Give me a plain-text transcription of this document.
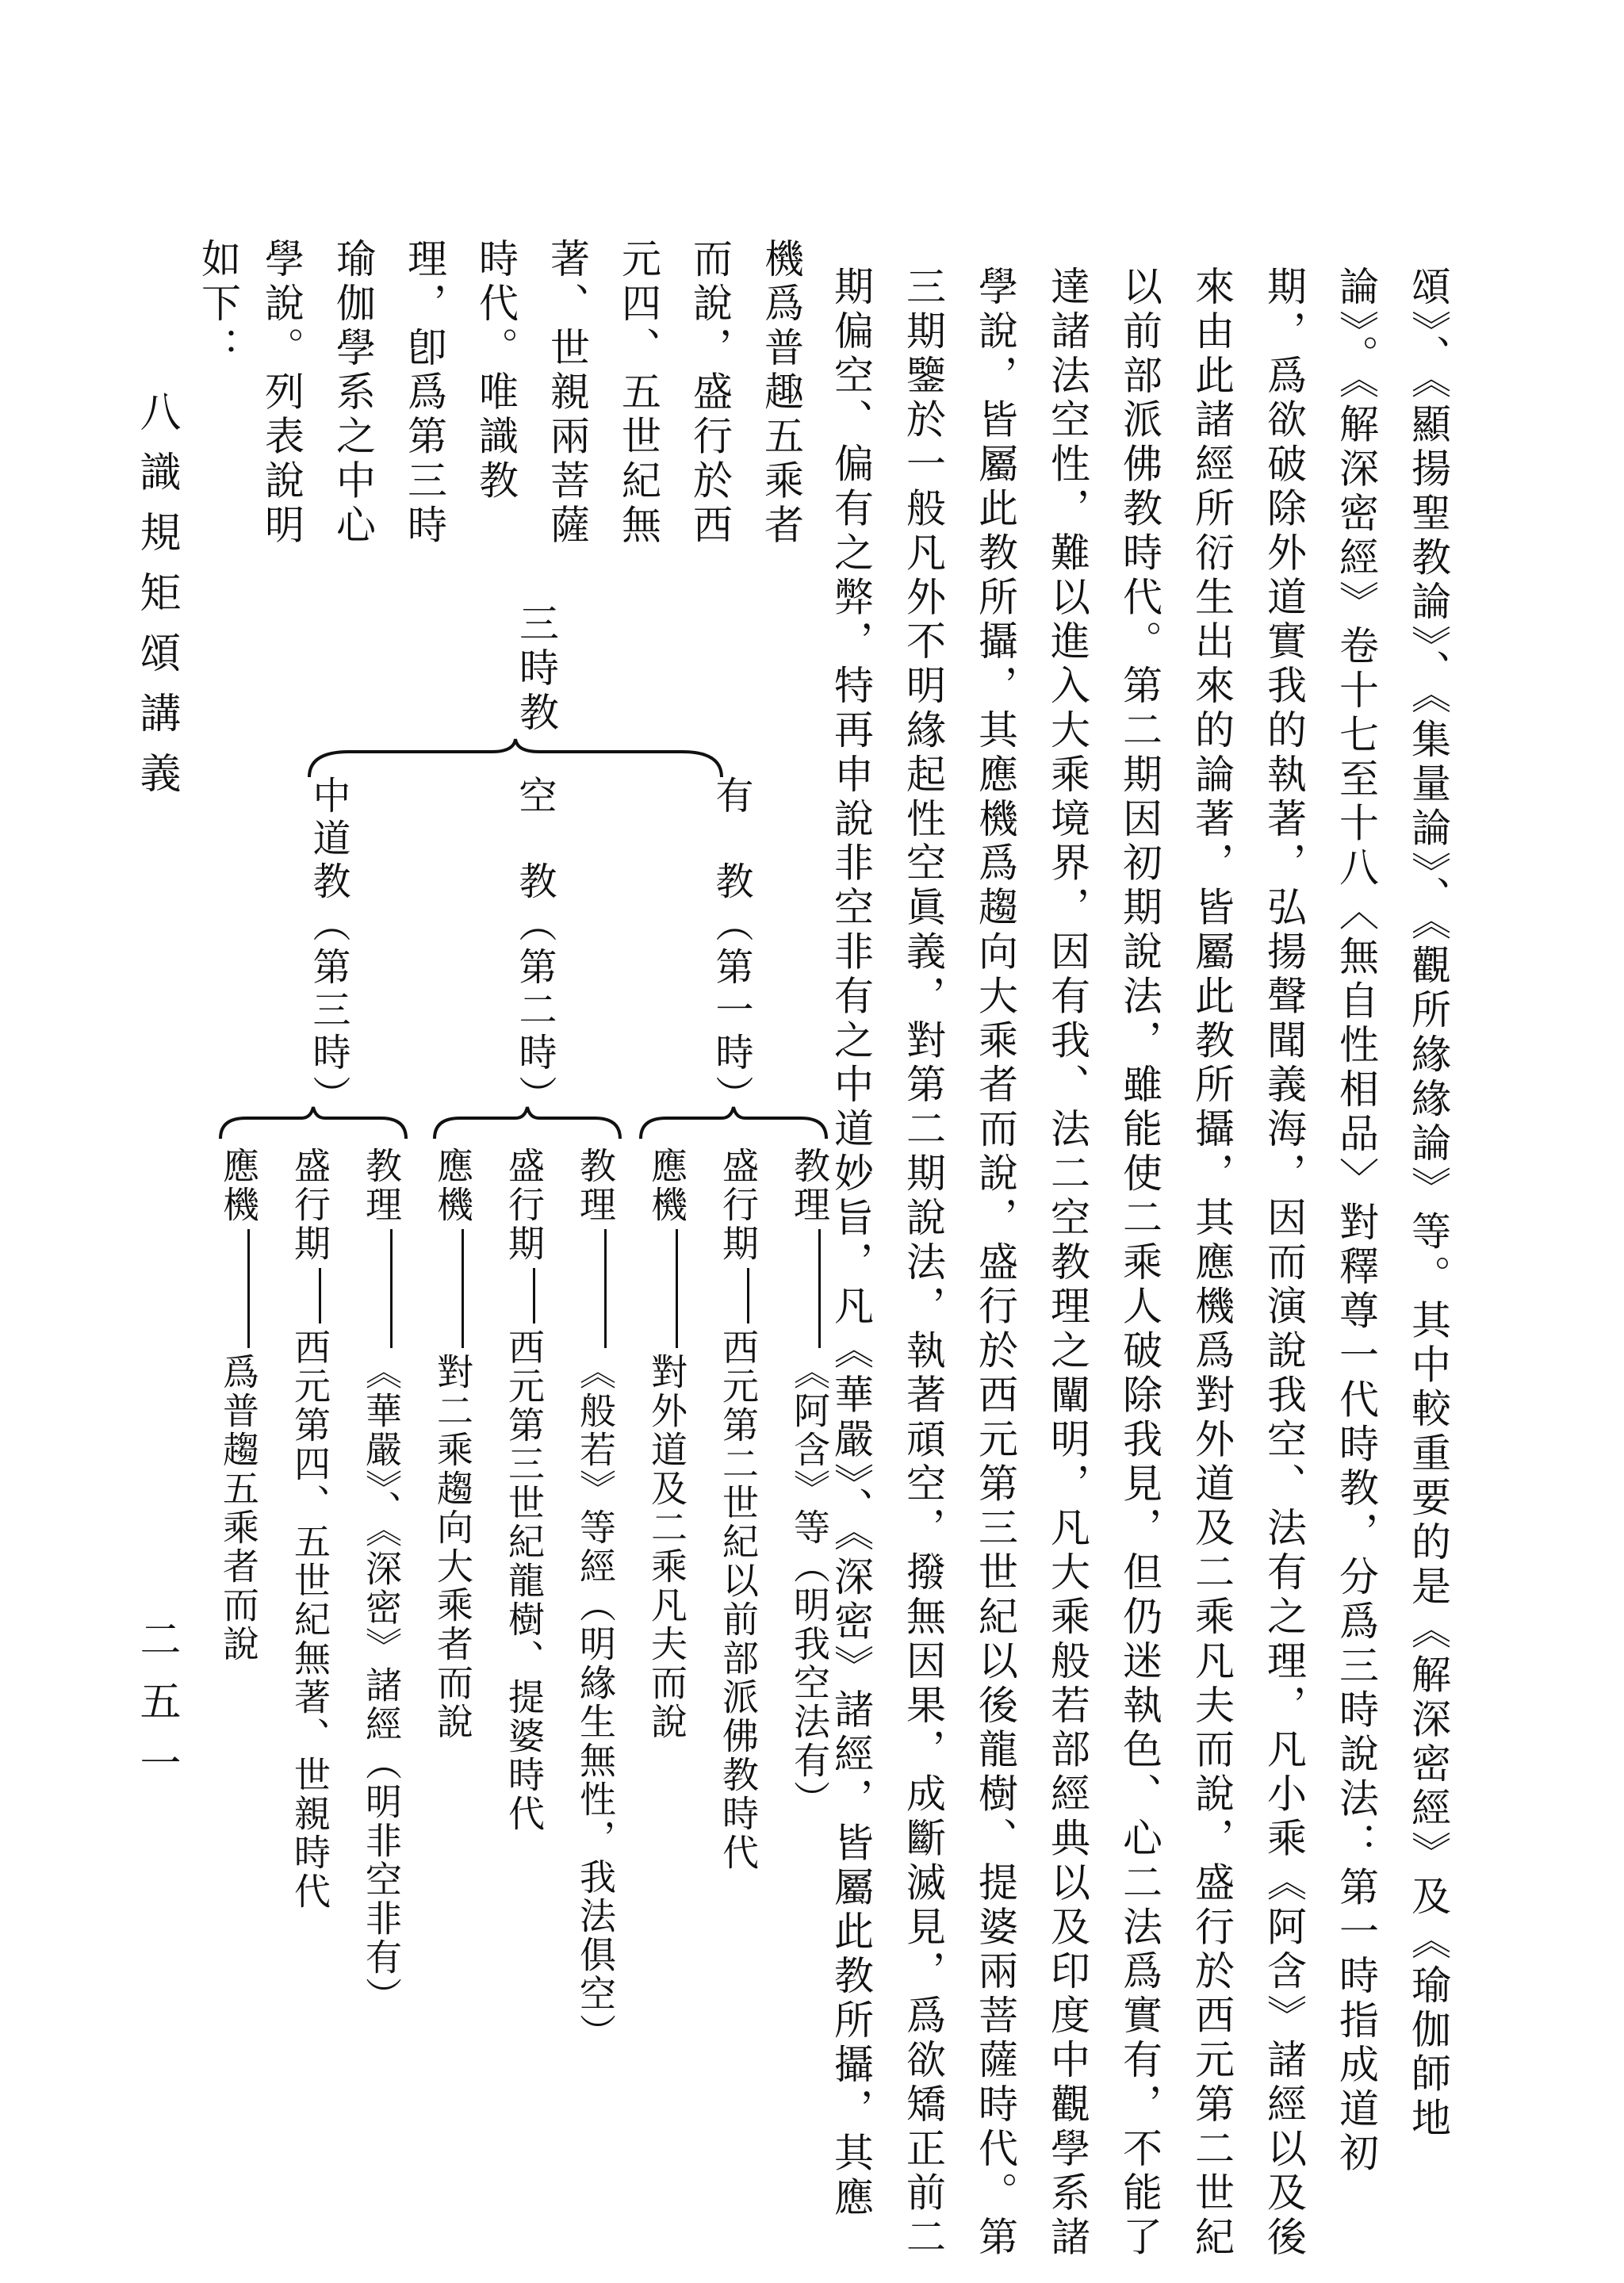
八識規矩頌講義
二五一	頌》、《顯揚聖教論》、《集量論》、《觀所緣緣論》等。其中較重要的是《解深密經》及《瑜伽師地
論》。《解深密經》卷十七至十八〈無自性相品〉對釋尊一代時教，分爲三時說法：第一時指成道初
期，爲欲破除外道實我的執著，弘揚聲聞義海，因而演說我空、法有之理，凡小乘《阿含》諸經以及後
來由此諸經所衍生出來的論著，皆屬此教所攝，其應機爲對外道及二乘凡夫而說，盛行於西元第二世紀
以前部派佛教時代。第二期因初期說法，雖能使二乘人破除我見，但仍迷執色、心二法爲實有，不能了
達諸法空性，難以進入大乘境界，因有我、法二空教理之闡明，凡大乘般若部經典以及印度中觀學系諸
學說，皆屬此教所攝，其應機爲趨向大乘者而說，盛行於西元第三世紀以後龍樹、提婆兩菩薩時代。第
三期鑒於一般凡外不明緣起性空眞義，對第二期說法，執著頑空，撥無因果，成斷滅見，爲欲矯正前二
期偏空、偏有之弊，特再申說非空非有之中道妙旨，凡《華嚴》、《深密》諸經，皆屬此教所攝，其應
機爲普趣五乘者
而說，盛行於西
元四、五世紀無
著、世親兩菩薩
時代。唯識教
理，卽爲第三時
瑜伽學系之中心
學說。列表說明
如下：
三時教
有　教（第一時）
空　教（第二時）
中道教（第三時）
教理《阿含》等（明我空法有）
盛行期西元第二世紀以前部派佛教時代
應機對外道及二乘凡夫而說
教理《般若》等經（明緣生無性，我法俱空）
盛行期西元第三世紀龍樹、提婆時代
應機對二乘趨向大乘者而說
教理《華嚴》、《深密》諸經（明非空非有）
盛行期西元第四、五世紀無著、世親時代
應機爲普趨五乘者而說
